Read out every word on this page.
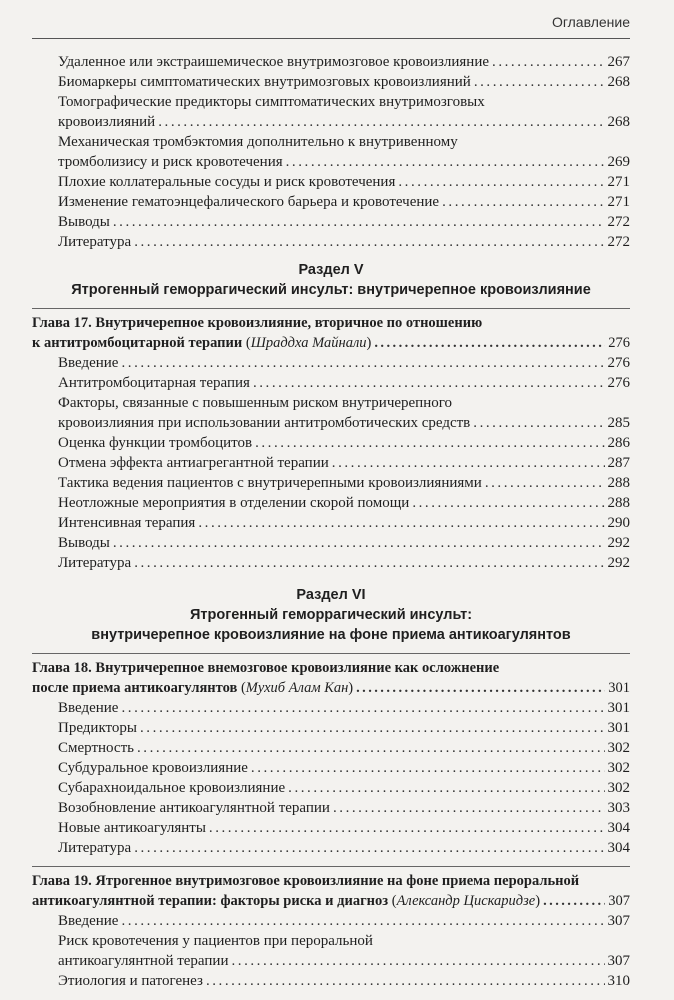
Оглавление
Удаленное или экстраишемическое внутримозговое кровоизлияние . . .	267
Биомаркеры симптоматических внутримозговых кровоизлияний . . .	268
Томографические предикторы симптоматических внутримозговых
кровоизлияний . . .	268
Механическая тромбэктомия дополнительно к внутривенному
тромболизису и риск кровотечения . . .	269
Плохие коллатеральные сосуды и риск кровотечения . . .	271
Изменение гематоэнцефалического барьера и кровотечение . . .	271
Выводы . . .	272
Литература . . .	272
Раздел V
Ятрогенный геморрагический инсульт: внутричерепное кровоизлияние
Глава 17. Внутричерепное кровоизлияние, вторичное по отношению
к антитромбоцитарной терапии (Шраддха Майнали) . . .	276
Введение . . .	276
Антитромбоцитарная терапия . . .	276
Факторы, связанные с повышенным риском внутричерепного
кровоизлияния при использовании антитромботических средств . . .	285
Оценка функции тромбоцитов . . .	286
Отмена эффекта антиагрегантной терапии . . .	287
Тактика ведения пациентов с внутричерепными кровоизлияниями . . .	288
Неотложные мероприятия в отделении скорой помощи . . .	288
Интенсивная терапия . . .	290
Выводы . . .	292
Литература . . .	292
Раздел VI
Ятрогенный геморрагический инсульт:
внутричерепное кровоизлияние на фоне приема антикоагулянтов
Глава 18. Внутричерепное внемозговое кровоизлияние как осложнение
после приема антикоагулянтов (Мухиб Алам Кан) . . .	301
Введение . . .	301
Предикторы . . .	301
Смертность . . .	302
Субдуральное кровоизлияние . . .	302
Субарахноидальное кровоизлияние . . .	302
Возобновление антикоагулянтной терапии . . .	303
Новые антикоагулянты . . .	304
Литература . . .	304
Глава 19. Ятрогенное внутримозговое кровоизлияние на фоне приема пероральной
антикоагулянтной терапии: факторы риска и диагноз (Александр Цискаридзе) . . .	307
Введение . . .	307
Риск кровотечения у пациентов при пероральной
антикоагулянтной терапии . . .	307
Этиология и патогенез . . .	310
